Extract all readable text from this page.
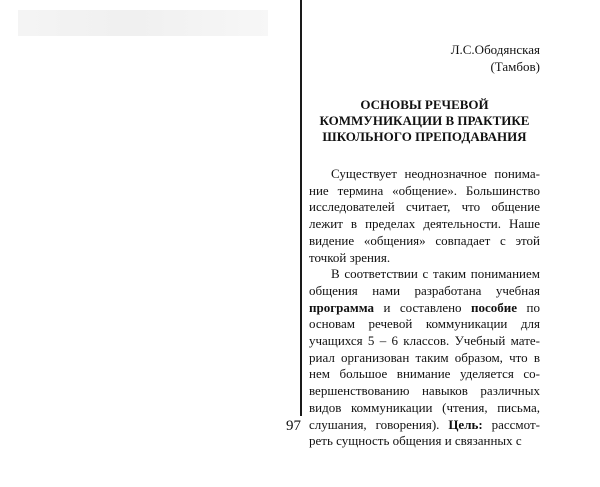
Л.С.Ободянская
(Тамбов)
ОСНОВЫ РЕЧЕВОЙ
КОММУНИКАЦИИ В ПРАКТИКЕ
ШКОЛЬНОГО ПРЕПОДАВАНИЯ

Существует неоднозначное понима-ние термина «общение». Большинство исследователей считает, что общение лежит в пределах деятельности. Наше видение «общения» совпадает с этой точкой зрения.

В соответствии с таким пониманием общения нами разработана учебная программа и составлено пособие по основам речевой коммуникации для учащихся 5 – 6 классов. Учебный мате-риал организован таким образом, что в нем большое внимание уделяется со-вершенствованию навыков различных видов коммуникации (чтения, письма, слушания, говорения). Цель: рассмот-реть сущность общения и связанных с

97
